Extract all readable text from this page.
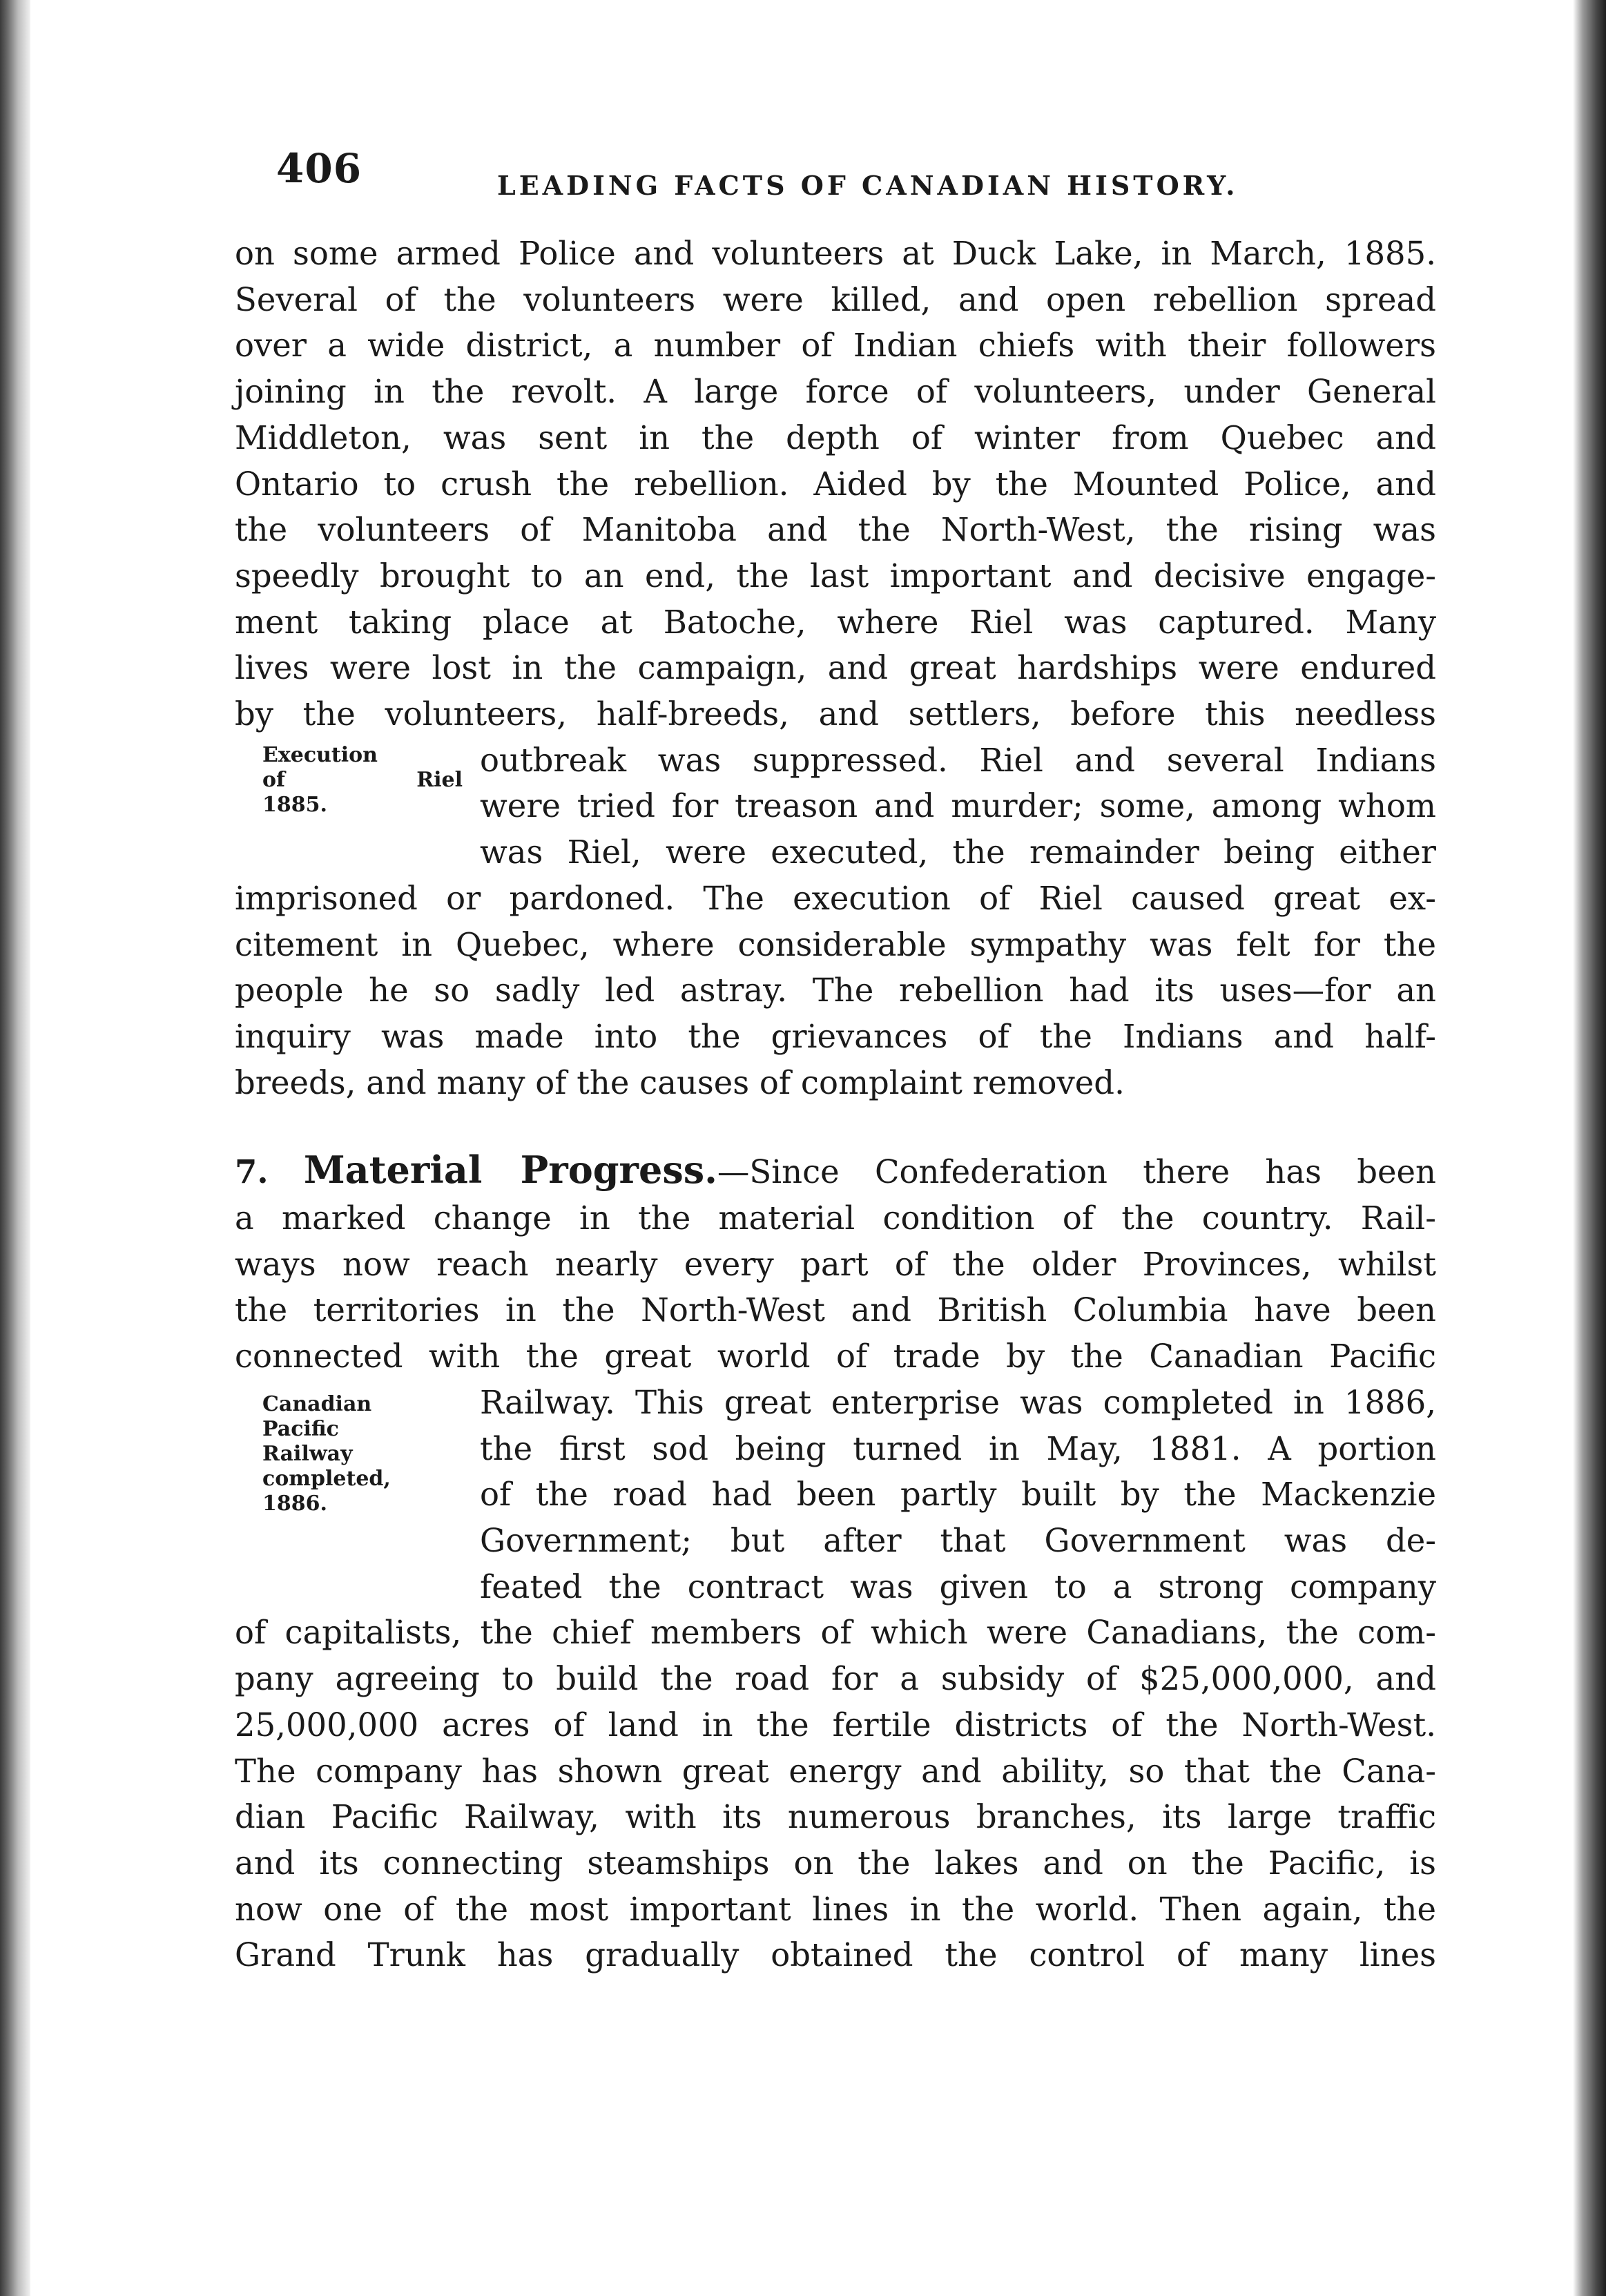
406	LEADING FACTS OF CANADIAN HISTORY.
on some armed Police and volunteers at Duck Lake, in March, 1885.
Several of the volunteers were killed, and open rebellion spread
over a wide district, a number of Indian chiefs with their followers
joining in the revolt. A large force of volunteers, under General
Middleton, was sent in the depth of winter from Quebec and
Ontario to crush the rebellion. Aided by the Mounted Police, and
the volunteers of Manitoba and the North-West, the rising was
speedly brought to an end, the last important and decisive engage-
ment taking place at Batoche, where Riel was captured. Many
lives were lost in the campaign, and great hardships were endured
by the volunteers, half-breeds, and settlers, before this needless
Execution
of Riel
1885.
outbreak was suppressed. Riel and several Indians
were tried for treason and murder; some, among whom
was Riel, were executed, the remainder being either
imprisoned or pardoned. The execution of Riel caused great ex-
citement in Quebec, where considerable sympathy was felt for the
people he so sadly led astray. The rebellion had its uses—for an
inquiry was made into the grievances of the Indians and half-
breeds, and many of the causes of complaint removed.
7. Material Progress.—Since Confederation there has been
a marked change in the material condition of the country. Rail-
ways now reach nearly every part of the older Provinces, whilst
the territories in the North-West and British Columbia have been
connected with the great world of trade by the Canadian Pacific
Canadian
Pacific
Railway
completed,
1886.
Railway. This great enterprise was completed in 1886,
the first sod being turned in May, 1881. A portion
of the road had been partly built by the Mackenzie
Government; but after that Government was de-
feated the contract was given to a strong company
of capitalists, the chief members of which were Canadians, the com-
pany agreeing to build the road for a subsidy of $25,000,000, and
25,000,000 acres of land in the fertile districts of the North-West.
The company has shown great energy and ability, so that the Cana-
dian Pacific Railway, with its numerous branches, its large traffic
and its connecting steamships on the lakes and on the Pacific, is
now one of the most important lines in the world. Then again, the
Grand Trunk has gradually obtained the control of many lines
